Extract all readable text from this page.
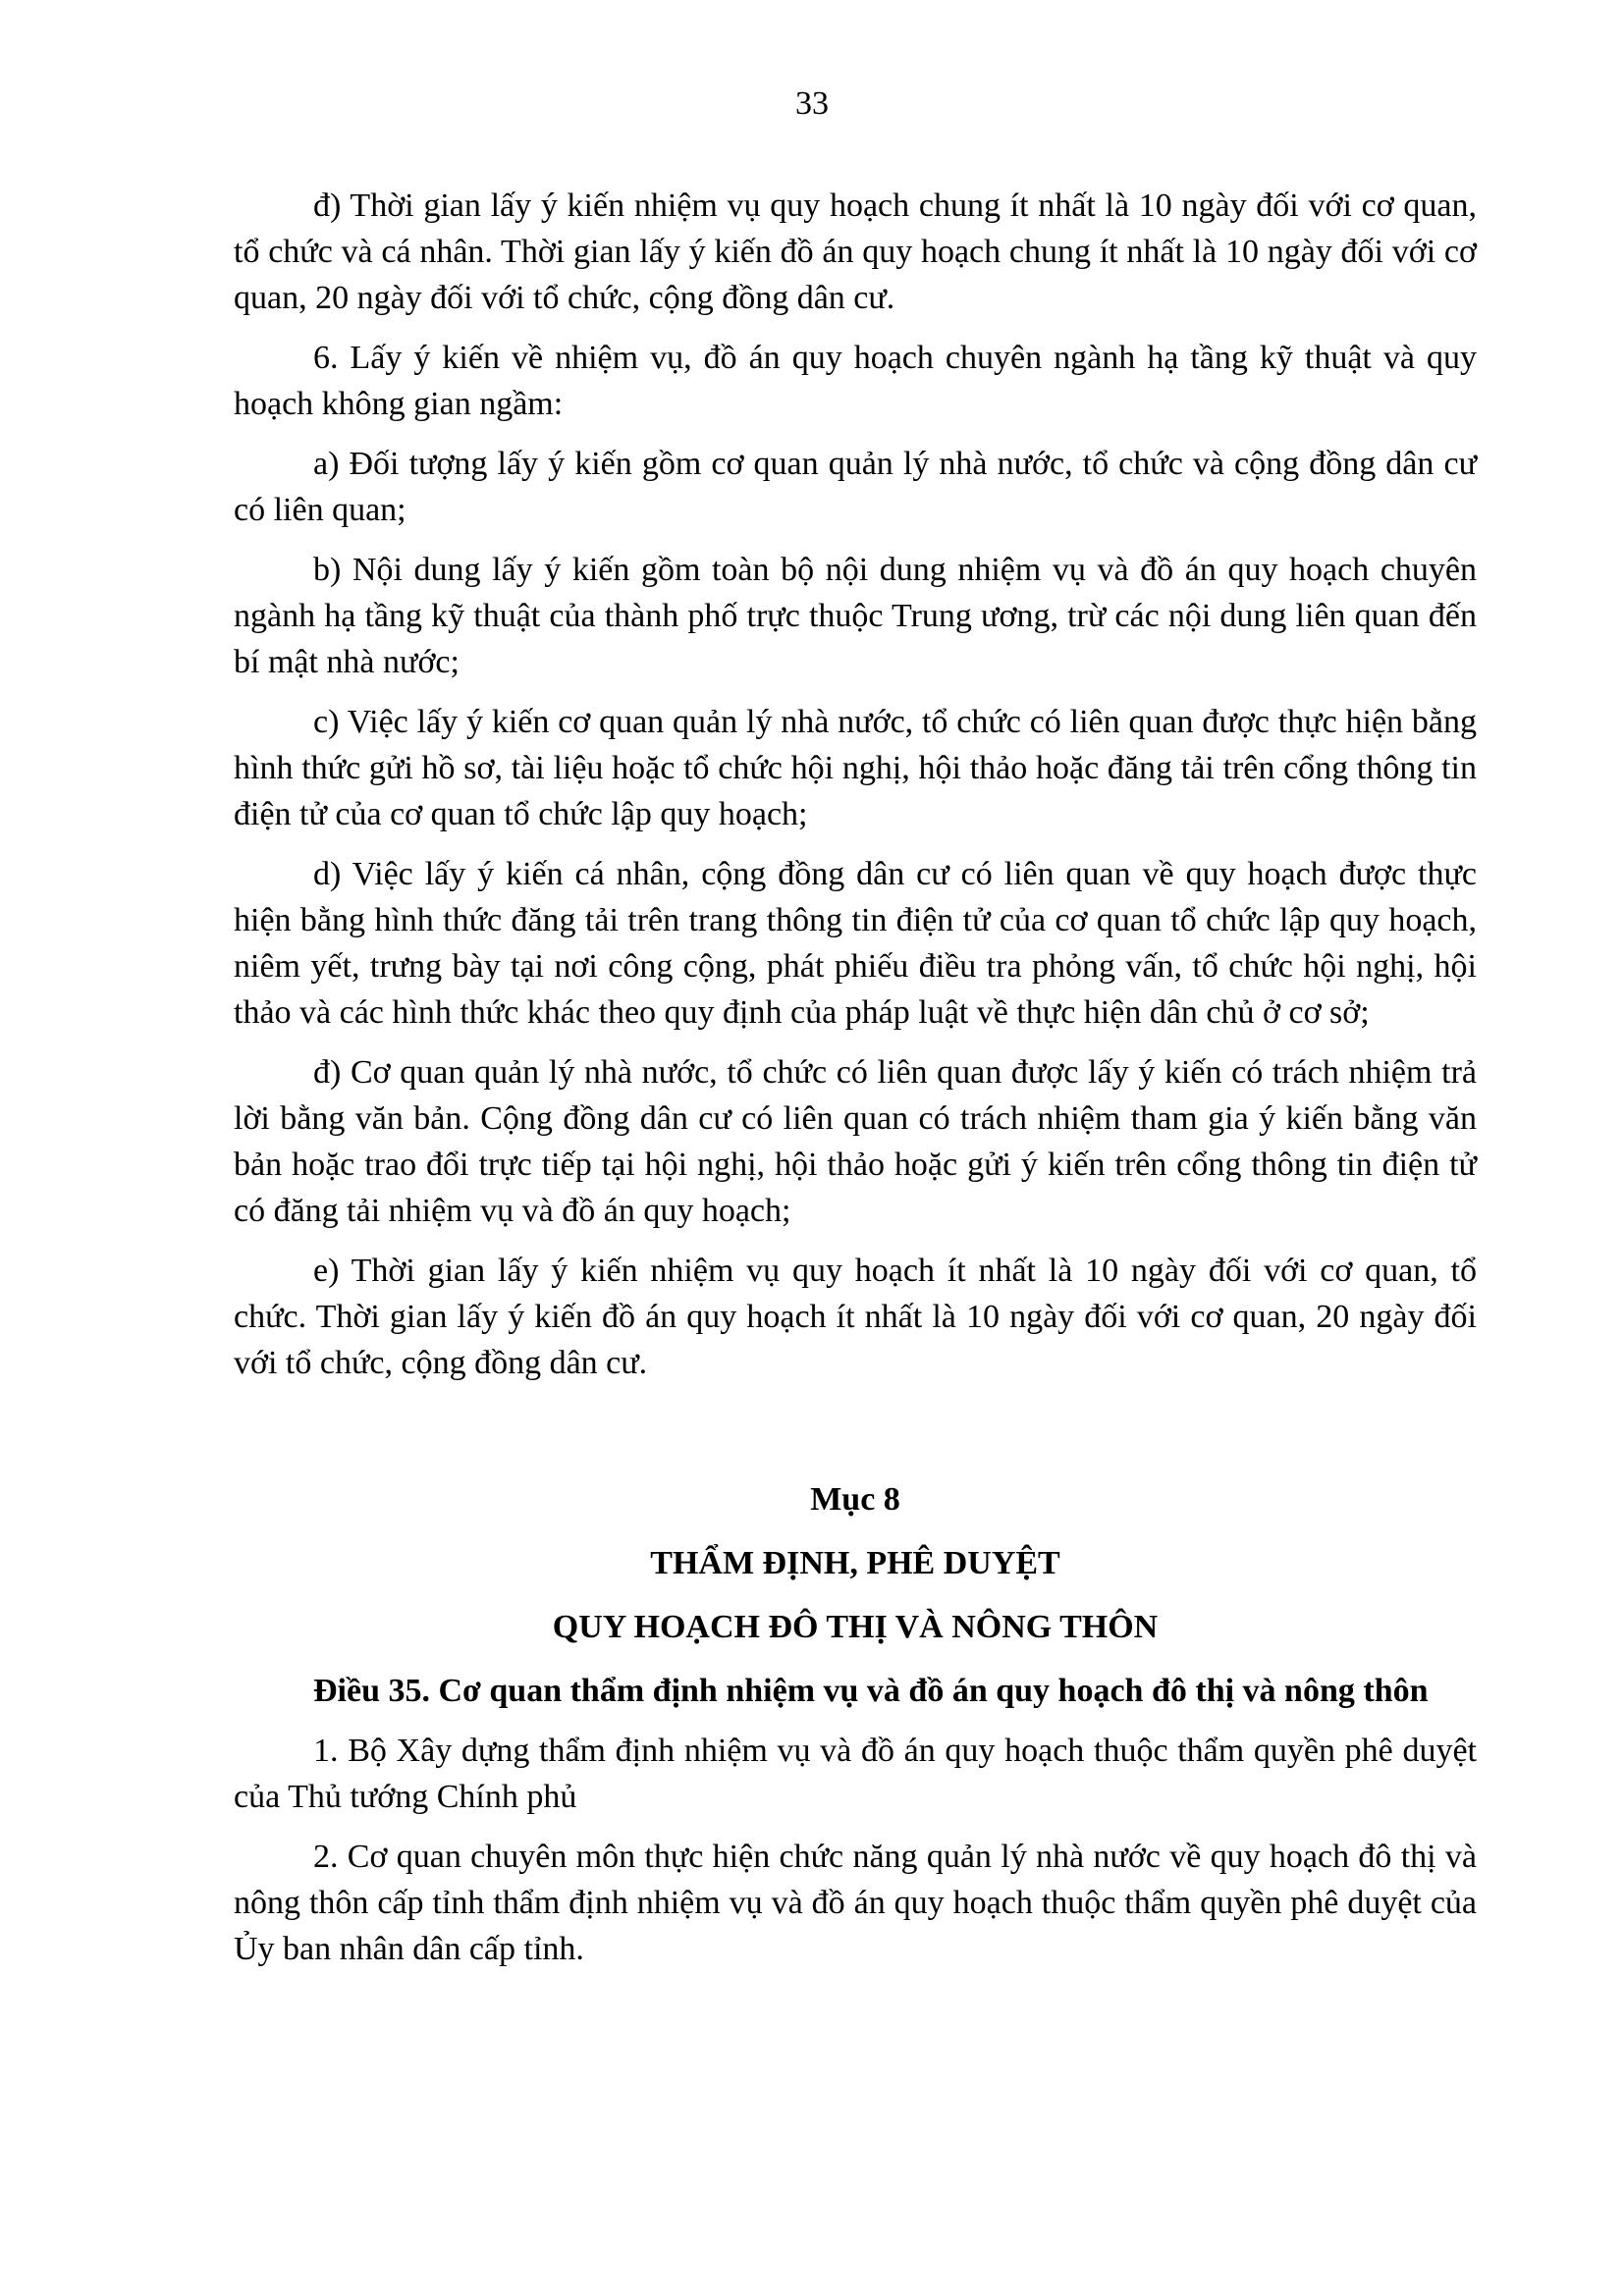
33

đ) Thời gian lấy ý kiến nhiệm vụ quy hoạch chung ít nhất là 10 ngày đối với cơ quan, tổ chức và cá nhân. Thời gian lấy ý kiến đồ án quy hoạch chung ít nhất là 10 ngày đối với cơ quan, 20 ngày đối với tổ chức, cộng đồng dân cư.

6. Lấy ý kiến về nhiệm vụ, đồ án quy hoạch chuyên ngành hạ tầng kỹ thuật và quy hoạch không gian ngầm:

a) Đối tượng lấy ý kiến gồm cơ quan quản lý nhà nước, tổ chức và cộng đồng dân cư có liên quan;

b) Nội dung lấy ý kiến gồm toàn bộ nội dung nhiệm vụ và đồ án quy hoạch chuyên ngành hạ tầng kỹ thuật của thành phố trực thuộc Trung ương, trừ các nội dung liên quan đến bí mật nhà nước;

c) Việc lấy ý kiến cơ quan quản lý nhà nước, tổ chức có liên quan được thực hiện bằng hình thức gửi hồ sơ, tài liệu hoặc tổ chức hội nghị, hội thảo hoặc đăng tải trên cổng thông tin điện tử của cơ quan tổ chức lập quy hoạch;

d) Việc lấy ý kiến cá nhân, cộng đồng dân cư có liên quan về quy hoạch được thực hiện bằng hình thức đăng tải trên trang thông tin điện tử của cơ quan tổ chức lập quy hoạch, niêm yết, trưng bày tại nơi công cộng, phát phiếu điều tra phỏng vấn, tổ chức hội nghị, hội thảo và các hình thức khác theo quy định của pháp luật về thực hiện dân chủ ở cơ sở;

đ) Cơ quan quản lý nhà nước, tổ chức có liên quan được lấy ý kiến có trách nhiệm trả lời bằng văn bản. Cộng đồng dân cư có liên quan có trách nhiệm tham gia ý kiến bằng văn bản hoặc trao đổi trực tiếp tại hội nghị, hội thảo hoặc gửi ý kiến trên cổng thông tin điện tử có đăng tải nhiệm vụ và đồ án quy hoạch;

e) Thời gian lấy ý kiến nhiệm vụ quy hoạch ít nhất là 10 ngày đối với cơ quan, tổ chức. Thời gian lấy ý kiến đồ án quy hoạch ít nhất là 10 ngày đối với cơ quan, 20 ngày đối với tổ chức, cộng đồng dân cư.

Mục 8

THẨM ĐỊNH, PHÊ DUYỆT

QUY HOẠCH ĐÔ THỊ VÀ NÔNG THÔN

Điều 35. Cơ quan thẩm định nhiệm vụ và đồ án quy hoạch đô thị và nông thôn

1. Bộ Xây dựng thẩm định nhiệm vụ và đồ án quy hoạch thuộc thẩm quyền phê duyệt của Thủ tướng Chính phủ

2. Cơ quan chuyên môn thực hiện chức năng quản lý nhà nước về quy hoạch đô thị và nông thôn cấp tỉnh thẩm định nhiệm vụ và đồ án quy hoạch thuộc thẩm quyền phê duyệt của Ủy ban nhân dân cấp tỉnh.
